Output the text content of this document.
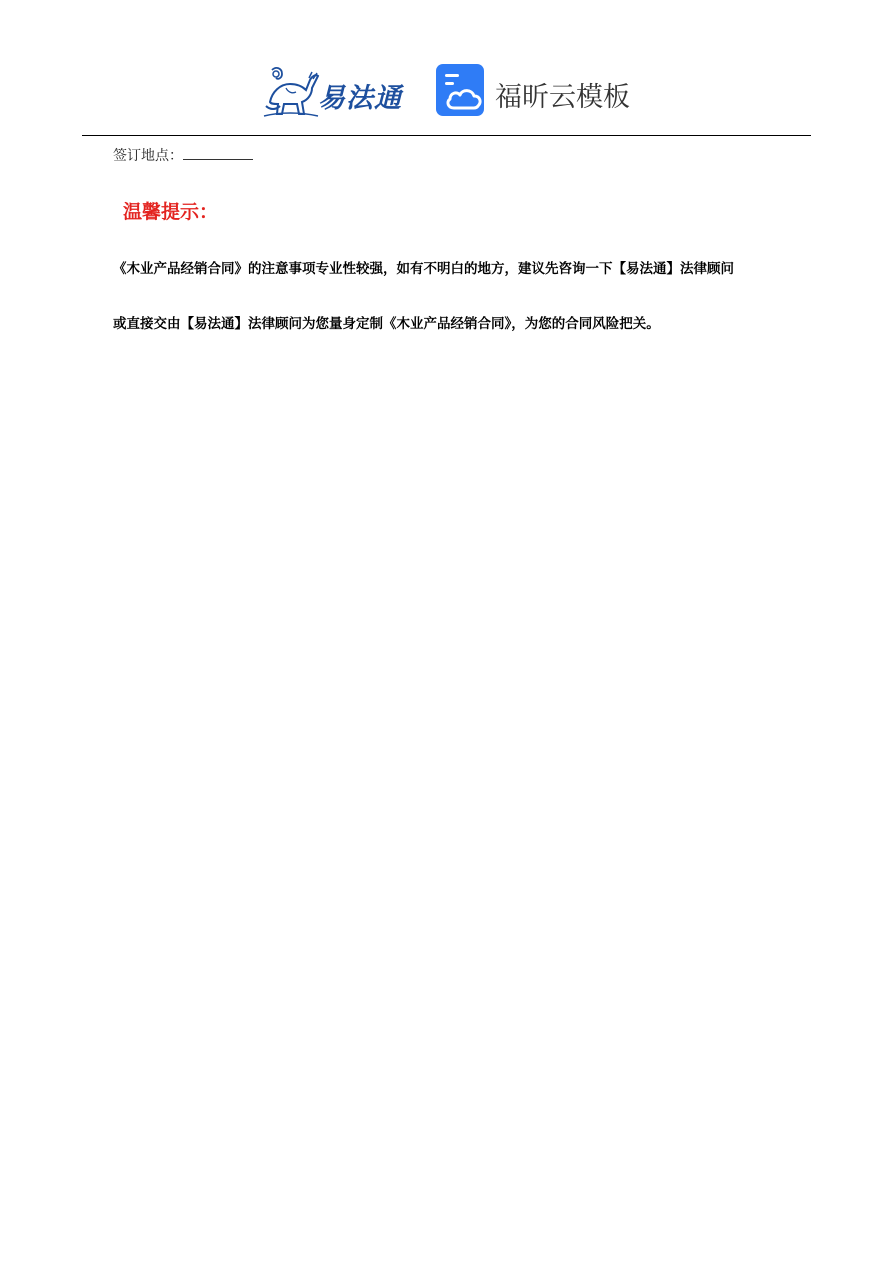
易法通	福昕云模板
签订地点：
温馨提示：
《木业产品经销合同》的注意事项专业性较强，如有不明白的地方，建议先咨询一下【易法通】法律顾问
或直接交由【易法通】法律顾问为您量身定制《木业产品经销合同》，为您的合同风险把关。
